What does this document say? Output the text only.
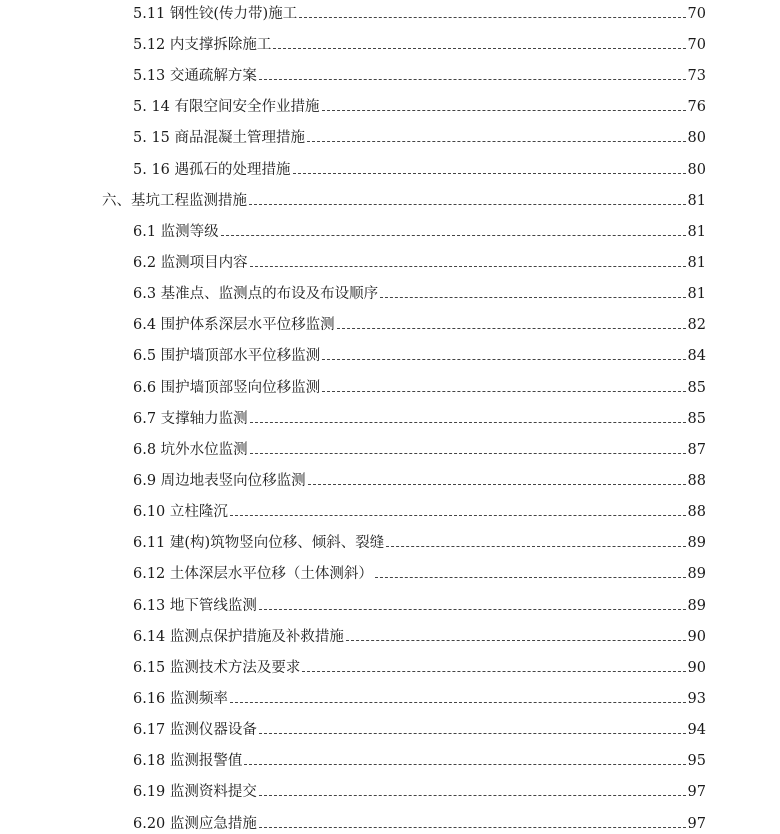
5.11 钢性铰(传力带)施工	70
5.12 内支撑拆除施工	70
5.13 交通疏解方案	73
5. 14 有限空间安全作业措施	76
5. 15 商品混凝土管理措施	80
5. 16 遇孤石的处理措施	80
六、基坑工程监测措施	81
6.1 监测等级	81
6.2 监测项目内容	81
6.3 基准点、监测点的布设及布设顺序	81
6.4 围护体系深层水平位移监测	82
6.5 围护墙顶部水平位移监测	84
6.6 围护墙顶部竖向位移监测	85
6.7 支撑轴力监测	85
6.8 坑外水位监测	87
6.9 周边地表竖向位移监测	88
6.10 立柱隆沉	88
6.11 建(构)筑物竖向位移、倾斜、裂缝	89
6.12 土体深层水平位移（土体测斜）	89
6.13 地下管线监测	89
6.14 监测点保护措施及补救措施	90
6.15 监测技术方法及要求	90
6.16 监测频率	93
6.17 监测仪器设备	94
6.18 监测报警值	95
6.19 监测资料提交	97
6.20 监测应急措施	97
